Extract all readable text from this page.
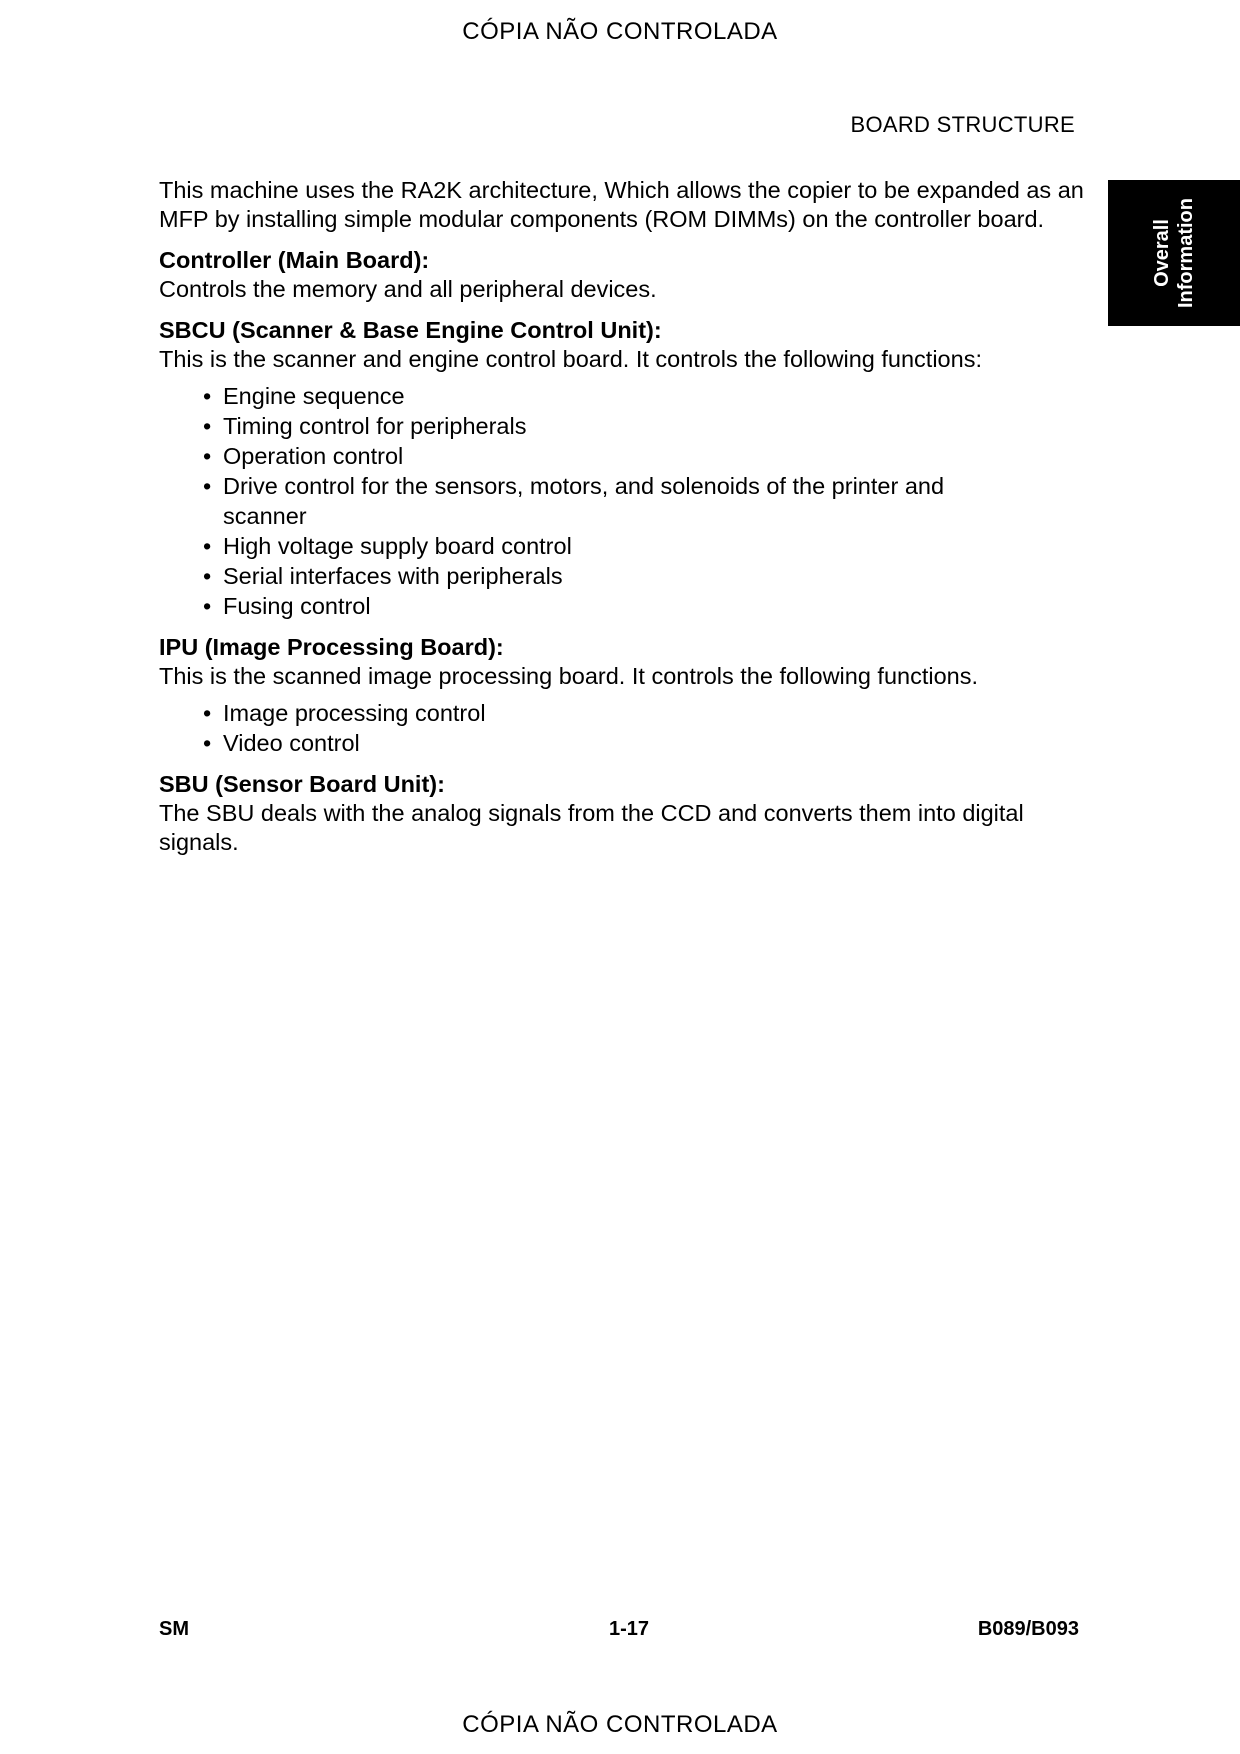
CÓPIA NÃO CONTROLADA
BOARD STRUCTURE
Overall Information

This machine uses the RA2K architecture, Which allows the copier to be expanded as an MFP by installing simple modular components (ROM DIMMs) on the controller board.

Controller (Main Board):

Controls the memory and all peripheral devices.

SBCU (Scanner & Base Engine Control Unit):

This is the scanner and engine control board. It controls the following functions:

• Engine sequence
• Timing control for peripherals
• Operation control
• Drive control for the sensors, motors, and solenoids of the printer and scanner
• High voltage supply board control
• Serial interfaces with peripherals
• Fusing control
IPU (Image Processing Board):

This is the scanned image processing board. It controls the following functions.

• Image processing control
• Video control
SBU (Sensor Board Unit):

The SBU deals with the analog signals from the CCD and converts them into digital signals.

SM	1-17	B089/B093
CÓPIA NÃO CONTROLADA
